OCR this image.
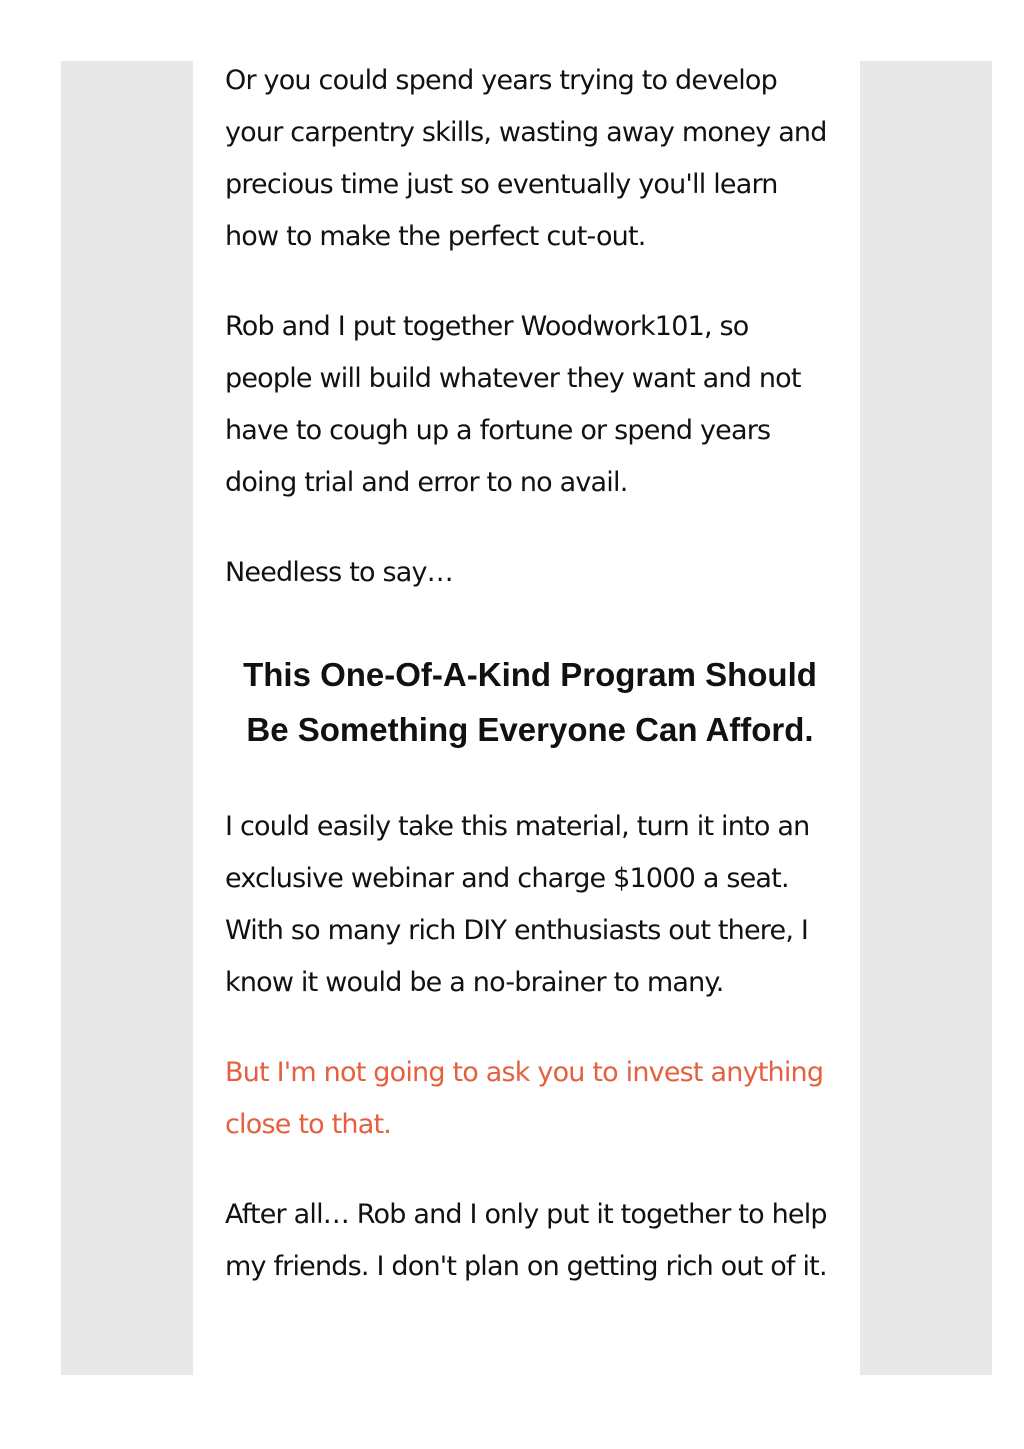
Or you could spend years trying to develop your carpentry skills, wasting away money and precious time just so eventually you'll learn how to make the perfect cut-out.

Rob and I put together Woodwork101, so people will build whatever they want and not have to cough up a fortune or spend years doing trial and error to no avail.

Needless to say…

This One-Of-A-Kind Program Should Be Something Everyone Can Afford.

I could easily take this material, turn it into an exclusive webinar and charge $1000 a seat. With so many rich DIY enthusiasts out there, I know it would be a no-brainer to many.

But I'm not going to ask you to invest anything close to that.

After all… Rob and I only put it together to help my friends. I don't plan on getting rich out of it.
